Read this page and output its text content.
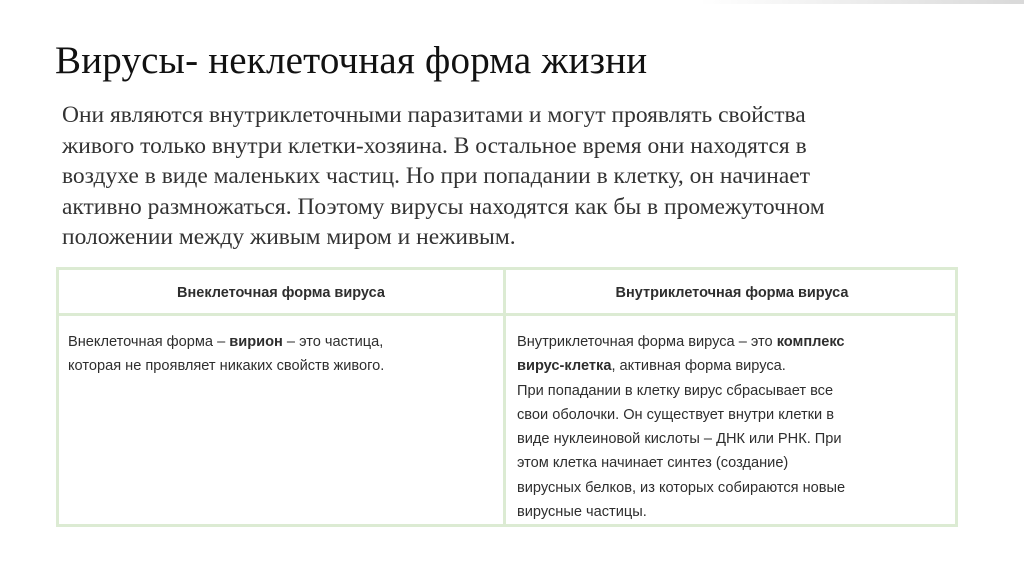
Вирусы- неклеточная форма жизни
Они являются внутриклеточными паразитами и могут проявлять свойства
живого только внутри клетки-хозяина. В остальное время они находятся в
воздухе в виде маленьких частиц. Но при попадании в клетку, он начинает
активно размножаться. Поэтому вирусы находятся как бы в промежуточном
положении между живым миром и неживым.
Внеклеточная форма вируса	Внутриклеточная форма вируса
Внеклеточная форма – вирион – это частица,
которая не проявляет никаких свойств живого.
Внутриклеточная форма вируса – это комплекс
вирус-клетка, активная форма вируса.
При попадании в клетку вирус сбрасывает все
свои оболочки. Он существует внутри клетки в
виде нуклеиновой кислоты – ДНК или РНК. При
этом клетка начинает синтез (создание)
вирусных белков, из которых собираются новые
вирусные частицы.
